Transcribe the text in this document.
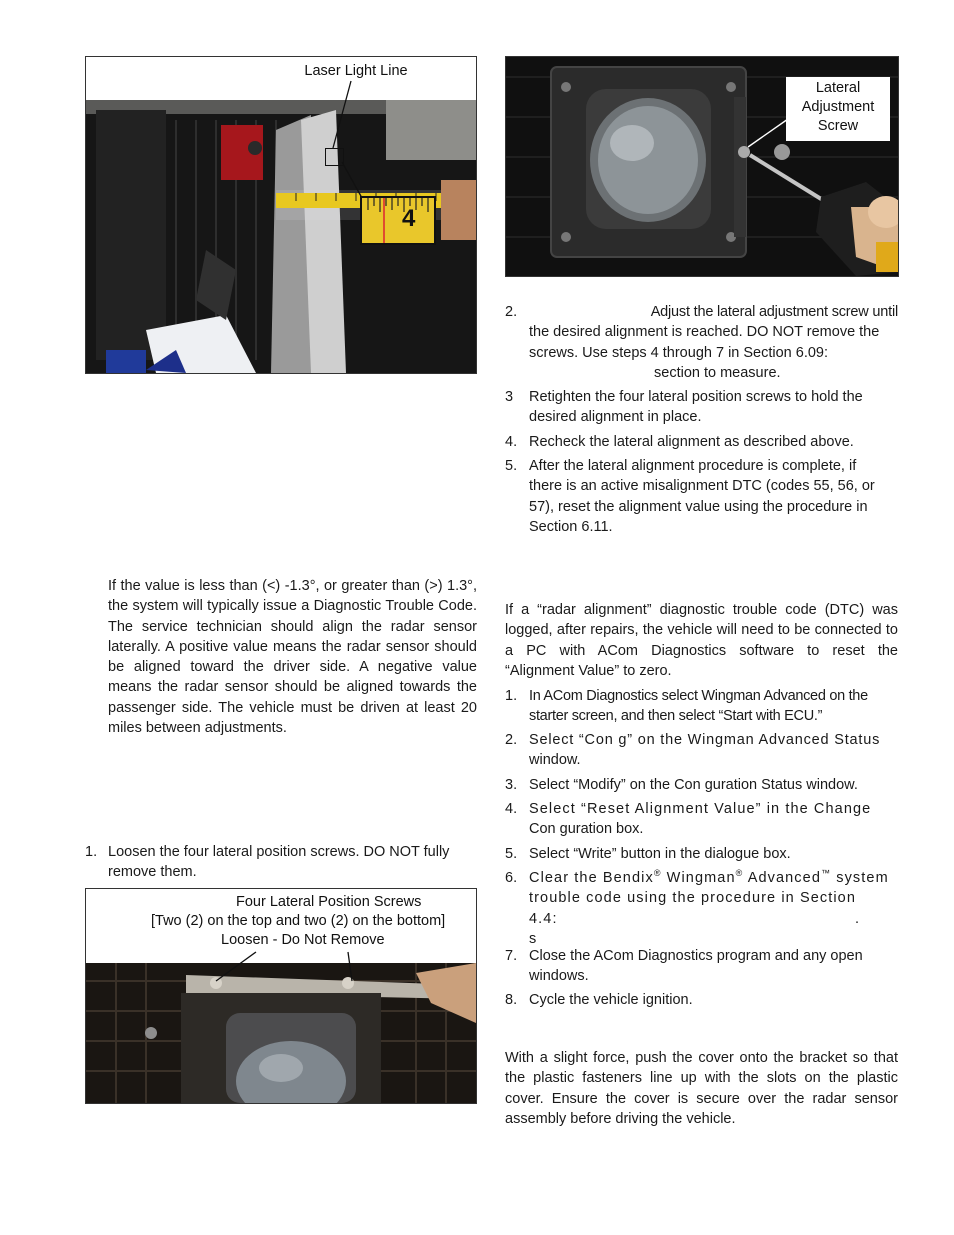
4
Laser Light Line
Lateral
Adjustment
Screw
Four Lateral Position Screws
[Two (2) on the top and two (2) on the bottom]
Loosen - Do Not Remove
If the value is less than (<) -1.3°, or greater than (>) 1.3°, the system will typically issue a Diagnostic Trouble Code. The service technician should align the radar sensor laterally. A positive value means the radar sensor should be aligned toward the driver side. A negative value means the radar sensor should be aligned towards the passenger side. The vehicle must be driven at least 20 miles between adjustments.
1. Loosen the four lateral position screws. DO NOT fully
remove them.
2.	Adjust the lateral adjustment screw until
the desired alignment is reached. DO NOT remove the
screws. Use steps 4 through 7 in Section 6.09:
section to measure.
3 Retighten the four lateral position screws to hold the
desired alignment in place.
4. Recheck the lateral alignment as described above.
5. After the lateral alignment procedure is complete, if
there is an active misalignment DTC (codes 55, 56, or
57), reset the alignment value using the procedure in
Section 6.11.
If a “radar alignment” diagnostic trouble code (DTC) was logged, after repairs, the vehicle will need to be connected to a PC with ACom Diagnostics software to reset the “Alignment Value” to zero.
1. In ACom Diagnostics select Wingman Advanced on the
starter screen, and then select “Start with ECU.”
2. Select “Con g” on the Wingman Advanced Status
window.
3. Select “Modify” on the Con guration Status window.
4. Select “Reset Alignment Value” in the Change
Con guration box.
5. Select “Write” button in the dialogue box.
6. Clear the Bendix® Wingman® Advanced™ system
trouble code using the procedure in Section
4.4:	.
s
7. Close the ACom Diagnostics program and any open
windows.
8. Cycle the vehicle ignition.
With a slight force, push the cover onto the bracket so that the plastic fasteners line up with the slots on the plastic cover. Ensure the cover is secure over the radar sensor assembly before driving the vehicle.
